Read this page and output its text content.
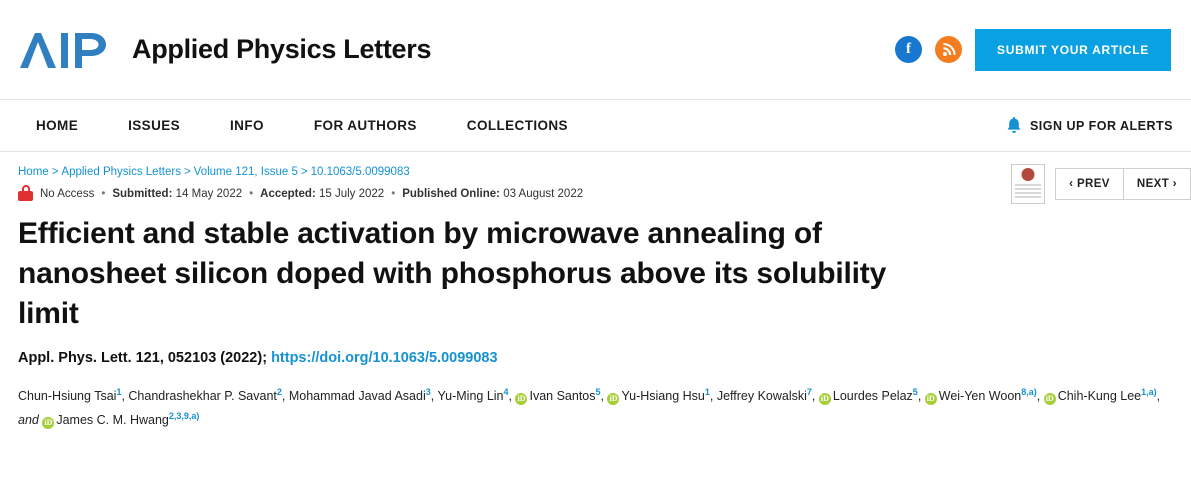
Applied Physics Letters	f	SUBMIT YOUR ARTICLE
HOME	ISSUES	INFO	FOR AUTHORS	COLLECTIONS	SIGN UP FOR ALERTS
Home > Applied Physics Letters > Volume 121, Issue 5 > 10.1063/5.0099083
No Access • Submitted: 14 May 2022 • Accepted: 15 July 2022 • Published Online: 03 August 2022
Efficient and stable activation by microwave annealing of nanosheet silicon doped with phosphorus above its solubility limit
Appl. Phys. Lett. 121, 052103 (2022); https://doi.org/10.1063/5.0099083
Chun-Hsiung Tsai$^1$, Chandrashekhar P. Savant$^2$, Mohammad Javad Asadi$^3$, Yu-Ming Lin$^4$, iD Ivan Santos$^5$, iD Yu-Hsiang Hsu$^1$, Jeffrey Kowalski$^7$, iD Lourdes Pelaz$^5$, iD Wei-Yen Woon$^{8,a)}$, iD Chih-Kung Lee$^{1,a)}$, and iD James C. M. Hwang$^{2,3,9,a)}$
‹ PREV	NEXT ›
